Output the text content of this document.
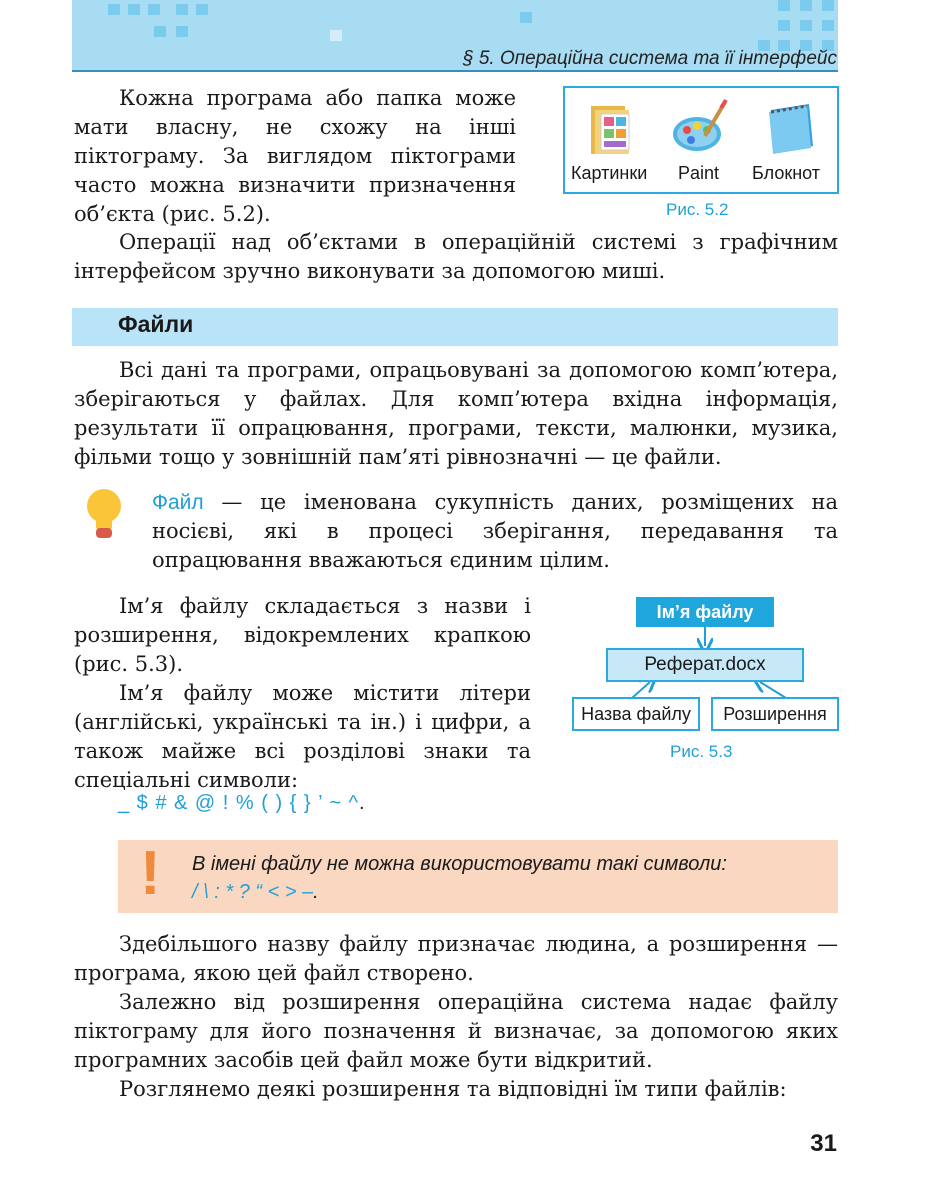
§ 5. Операційна система та її інтерфейс

Кожна програма або папка може мати власну, не схожу на інші піктограму. За виглядом піктограми часто можна визначити призначення об’єкта (рис. 5.2).

Картинки Paint Блокнот
Рис. 5.2

Операції над об’єктами в операційній системі з графічним інтерфейсом зручно виконувати за допомогою миші.

Файли

Всі дані та програми, опрацьовувані за допомогою комп’ютера, зберігаються у файлах. Для комп’ютера вхідна інформація, результати її опрацювання, програми, тексти, малюнки, музика, фільми тощо у зовнішній пам’яті рівнозначні — це файли.

Файл — це іменована сукупність даних, розміщених на носієві, які в процесі зберігання, передавання та опрацювання вважаються єдиним цілим.

Ім’я файлу складається з назви і розширення, відокремлених крапкою (рис. 5.3).

Ім’я файлу може містити літери (англійські, українські та ін.) і цифри, а також майже всі розділові знаки та спеціальні символи:

_ $ # & @ ! % ( ) { } ’ ~ ^.
Ім’я файлу
Реферат.docx
Назва файлу	Розширення
Рис. 5.3
! В імені файлу не можна використовувати такі символи:
/ \ : * ? “ < > –.

Здебільшого назву файлу призначає людина, а розширення — програма, якою цей файл створено.

Залежно від розширення операційна система надає файлу піктограму для його позначення й визначає, за допомогою яких програмних засобів цей файл може бути відкритий.

Розглянемо деякі розширення та відповідні їм типи файлів:

31
